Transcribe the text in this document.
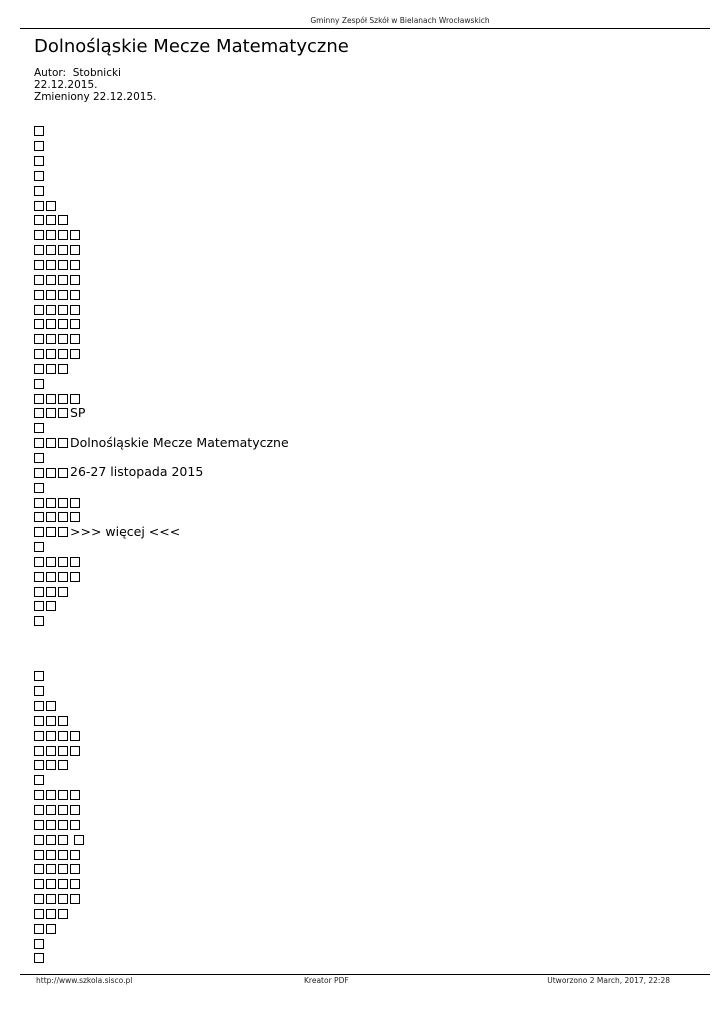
Gminny Zespół Szkół w Bielanach Wrocławskich
Dolnośląskie Mecze Matematyczne
Autor: Stobnicki
22.12.2015.
Zmieniony 22.12.2015.
SP
Dolnośląskie Mecze Matematyczne
26-27 listopada 2015
>>> więcej <<<
http://www.szkola.sisco.pl	Kreator PDF	Utworzono 2 March, 2017, 22:28
